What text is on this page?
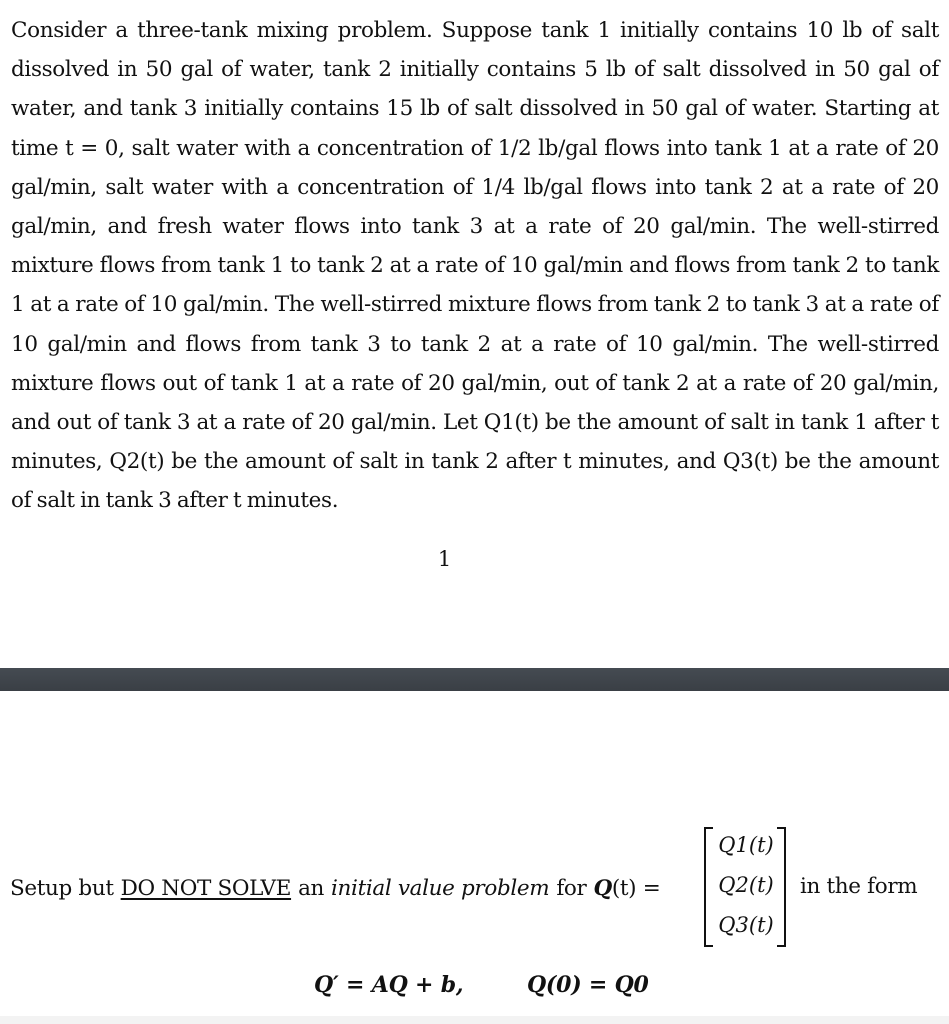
Consider a three-tank mixing problem. Suppose tank 1 initially contains 10 lb of salt dissolved in 50 gal of water, tank 2 initially contains 5 lb of salt dissolved in 50 gal of water, and tank 3 initially contains 15 lb of salt dissolved in 50 gal of water. Starting at time t = 0, salt water with a concentration of 1/2 lb/gal flows into tank 1 at a rate of 20 gal/min, salt water with a concentration of 1/4 lb/gal flows into tank 2 at a rate of 20 gal/min, and fresh water flows into tank 3 at a rate of 20 gal/min. The well-stirred mixture flows from tank 1 to tank 2 at a rate of 10 gal/min and flows from tank 2 to tank 1 at a rate of 10 gal/min. The well-stirred mixture flows from tank 2 to tank 3 at a rate of 10 gal/min and flows from tank 3 to tank 2 at a rate of 10 gal/min. The well-stirred mixture flows out of tank 1 at a rate of 20 gal/min, out of tank 2 at a rate of 20 gal/min, and out of tank 3 at a rate of 20 gal/min. Let Q1(t) be the amount of salt in tank 1 after t minutes, Q2(t) be the amount of salt in tank 2 after t minutes, and Q3(t) be the amount of salt in tank 3 after t minutes.
1
Setup but DO NOT SOLVE an initial value problem for Q (t) =
Q1(t)
Q2(t)
Q3(t)
in the form
Q′ = AQ + b,	Q(0) = Q0
